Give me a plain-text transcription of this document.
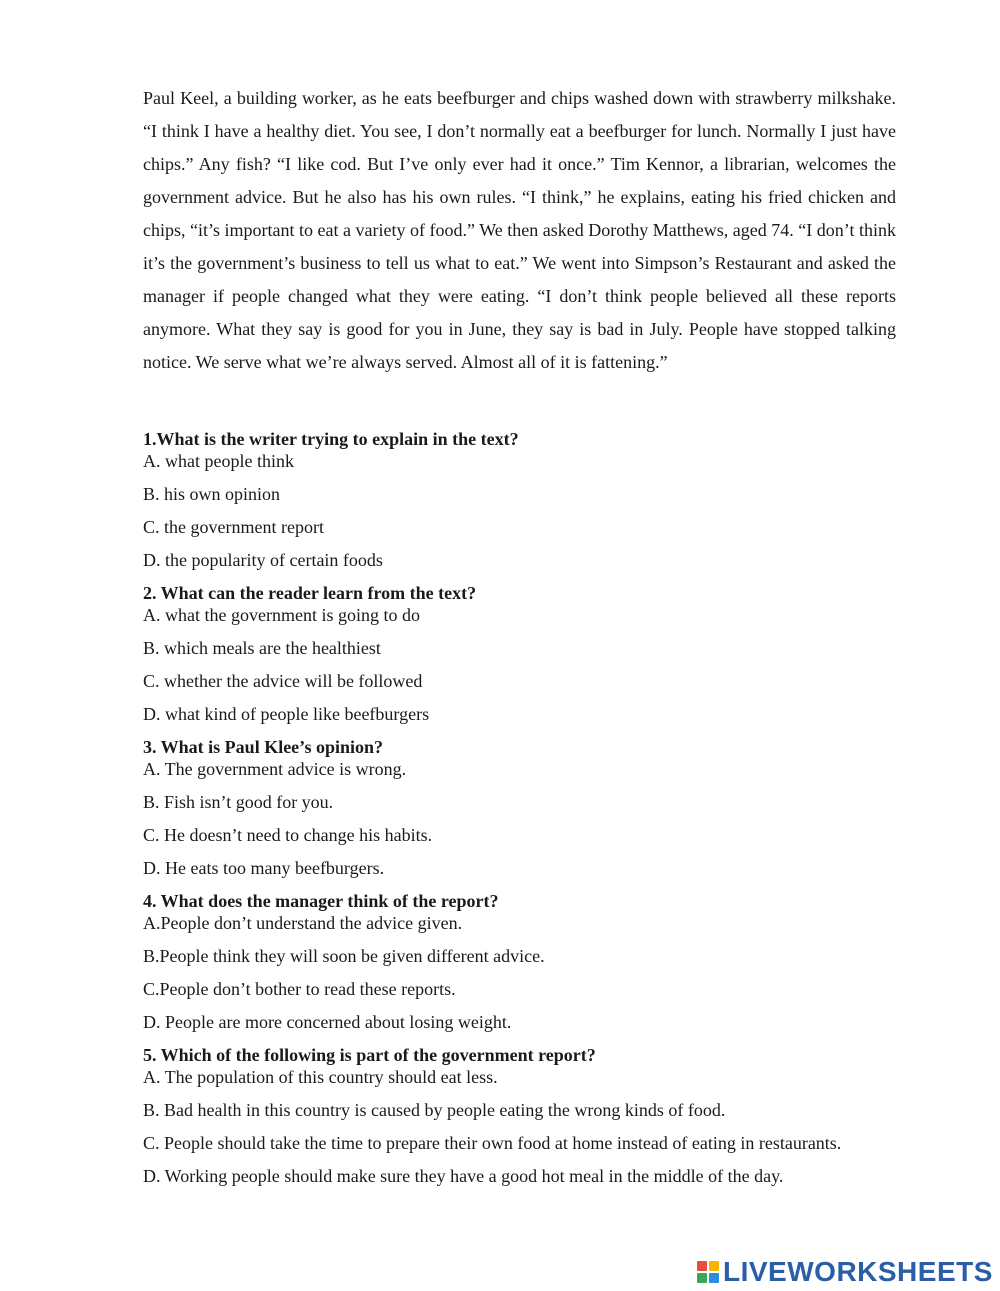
Paul Keel, a building worker, as he eats beefburger and chips washed down with strawberry milkshake. “I think I have a healthy diet. You see, I don’t normally eat a beefburger for lunch. Normally I just have chips.” Any fish? “I like cod. But I’ve only ever had it once.” Tim Kennor, a librarian, welcomes the government advice. But he also has his own rules. “I think,” he explains, eating his fried chicken and chips, “it’s important to eat a variety of food.” We then asked Dorothy Matthews, aged 74. “I don’t think it’s the government’s business to tell us what to eat.” We went into Simpson’s Restaurant and asked the manager if people changed what they were eating. “I don’t think people believed all these reports anymore. What they say is good for you in June, they say is bad in July. People have stopped talking notice. We serve what we’re always served. Almost all of it is fattening.”

1.What is the writer trying to explain in the text?

A. what people think

B. his own opinion

C. the government report

D. the popularity of certain foods

2. What can the reader learn from the text?

A. what the government is going to do

B. which meals are the healthiest

C. whether the advice will be followed

D. what kind of people like beefburgers

3. What is Paul Klee’s opinion?

A. The government advice is wrong.

B. Fish isn’t good for you.

C. He doesn’t need to change his habits.

D. He eats too many beefburgers.

4. What does the manager think of the report?

A.People don’t understand the advice given.

B.People think they will soon be given different advice.

C.People don’t bother to read these reports.

D. People are more concerned about losing weight.

5. Which of the following is part of the government report?

A. The population of this country should eat less.

B. Bad health in this country is caused by people eating the wrong kinds of food.

C. People should take the time to prepare their own food at home instead of eating in restaurants.

D. Working people should make sure they have a good hot meal in the middle of the day.

LIVEWORKSHEETS
